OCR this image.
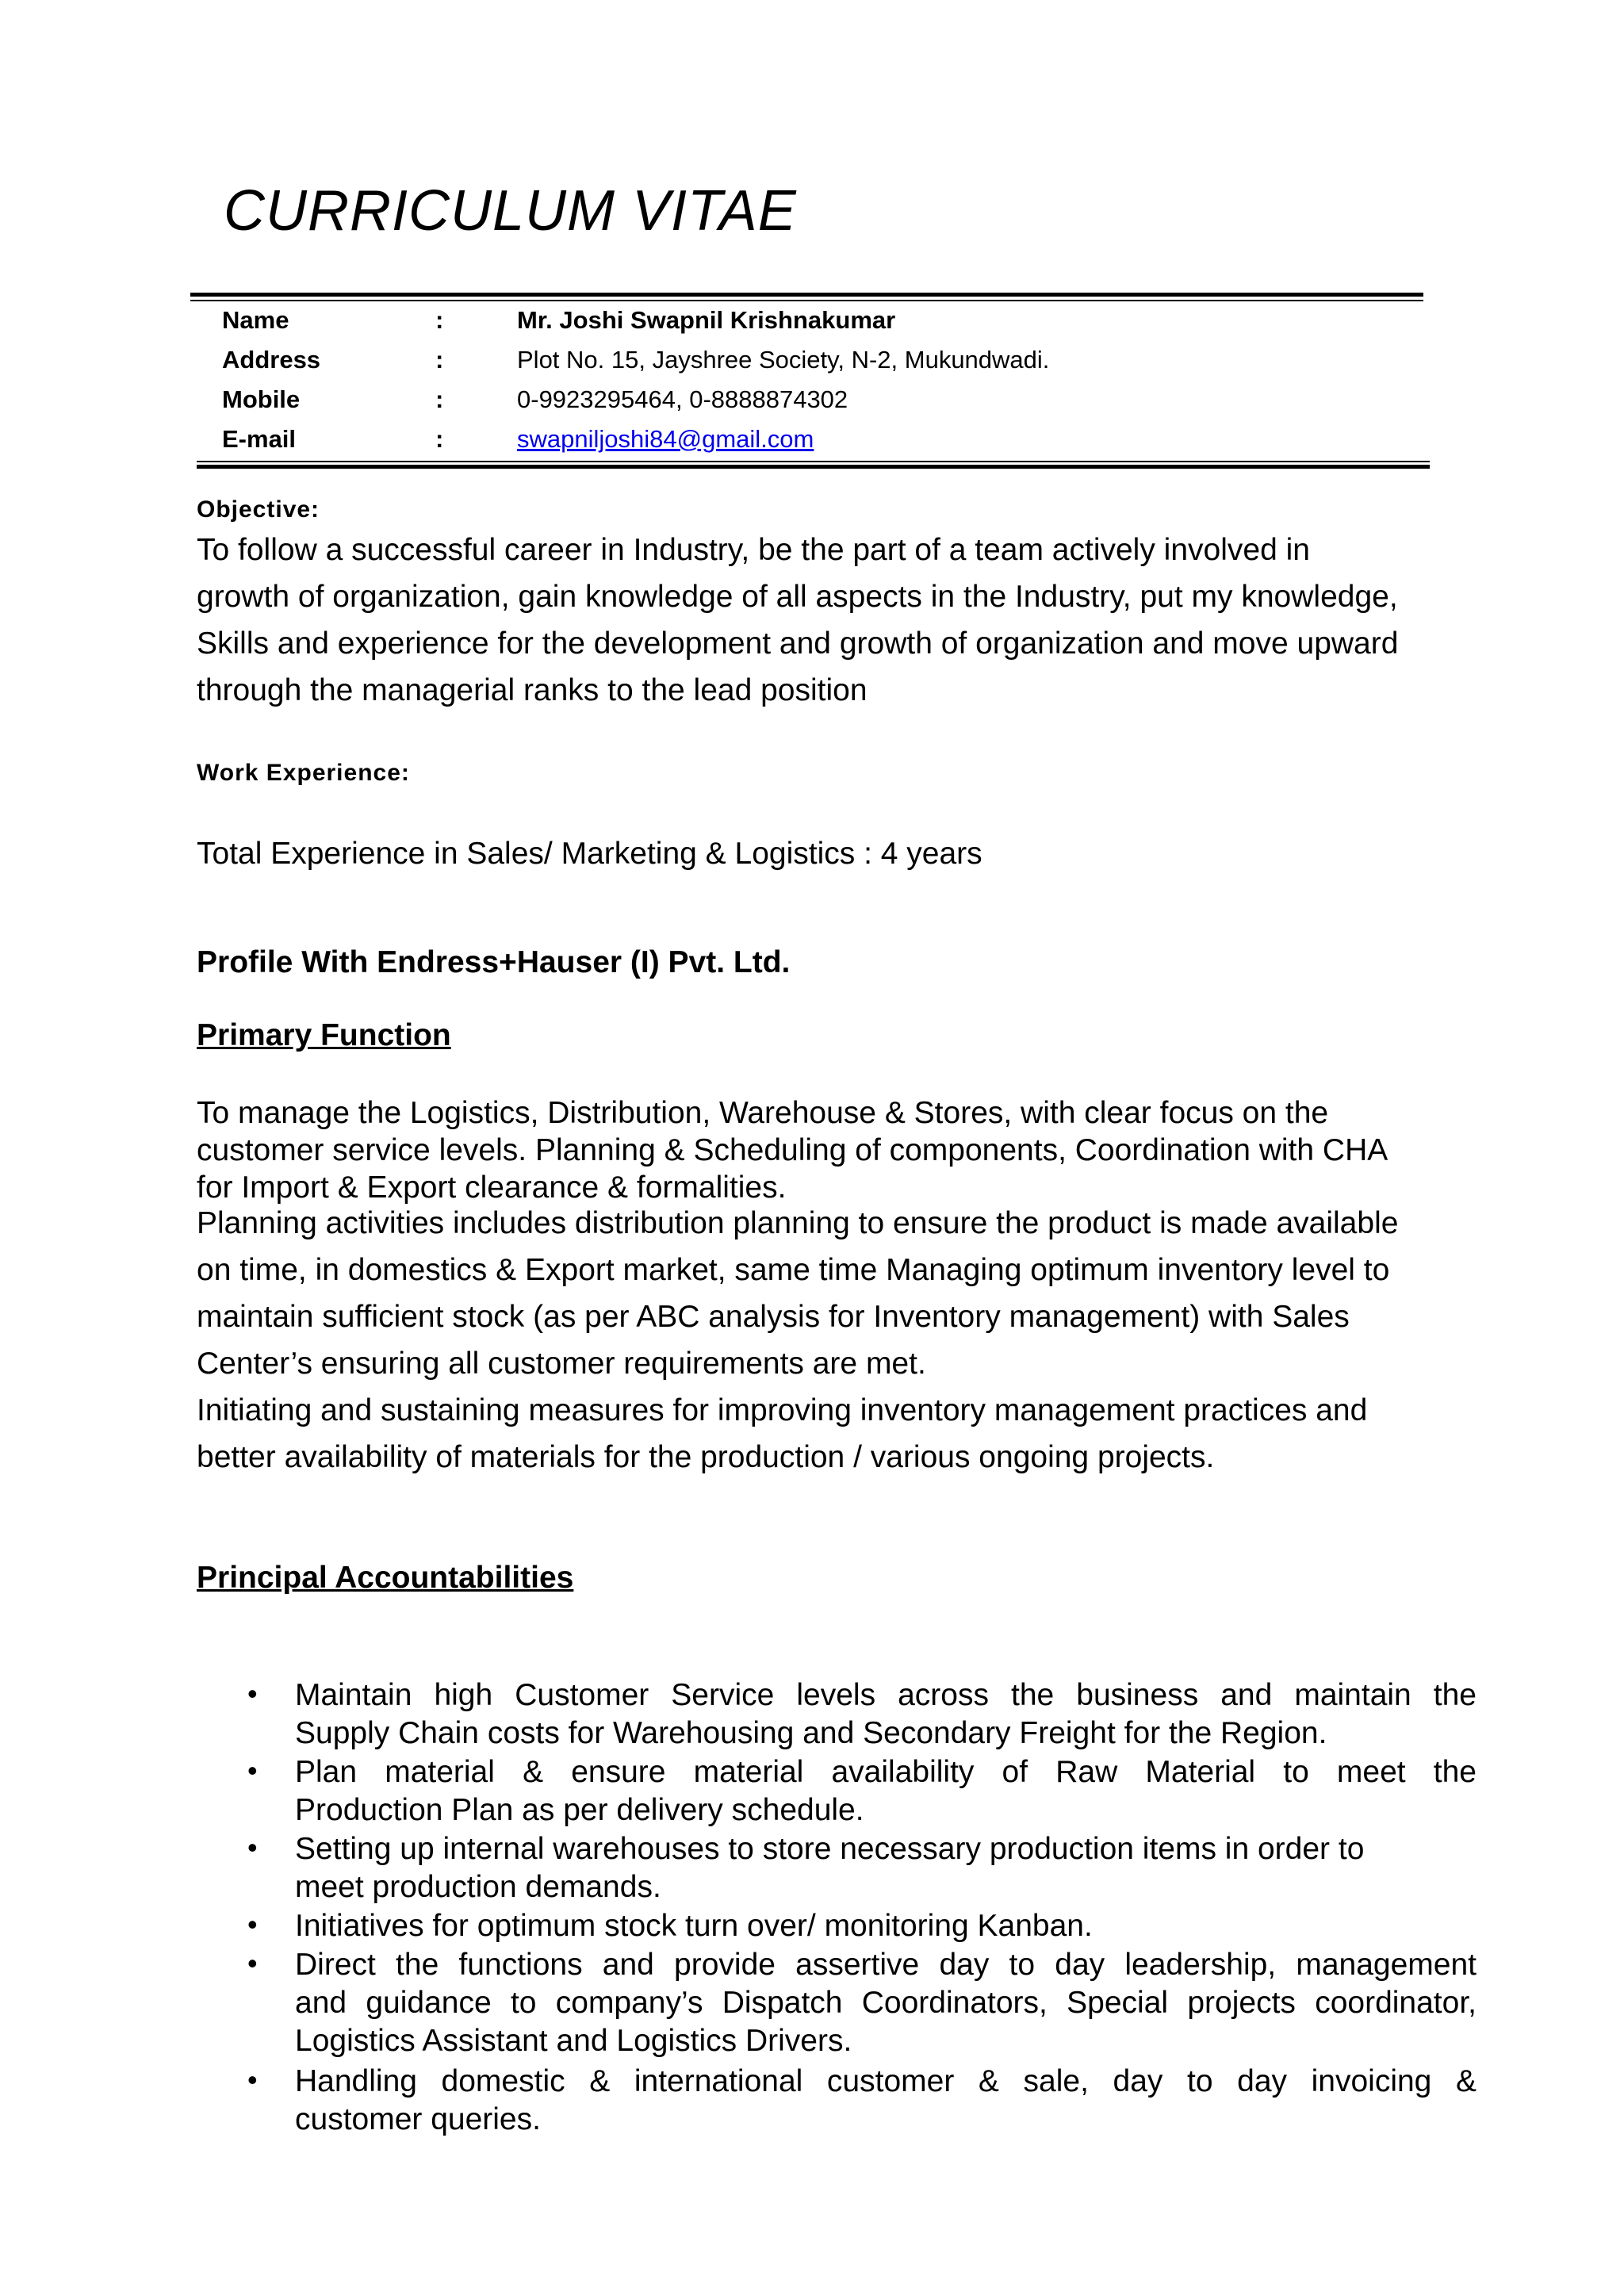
CURRICULUM VITAE
Name	:	Mr. Joshi Swapnil Krishnakumar
Address	:	Plot No. 15, Jayshree Society, N-2, Mukundwadi.
Mobile	:	0-9923295464, 0-8888874302
E-mail	:	swapniljoshi84@gmail.com
Objective:
To follow a successful career in Industry, be the part of a team actively involved in
growth of organization, gain knowledge of all aspects in the Industry, put my knowledge,
Skills and experience for the development and growth of organization and move upward
through the managerial ranks to the lead position
Work Experience:
Total Experience in Sales/ Marketing & Logistics : 4 years
Profile With Endress+Hauser (I) Pvt. Ltd.
Primary Function
To manage the Logistics, Distribution, Warehouse & Stores, with clear focus on the
customer service levels. Planning & Scheduling of components, Coordination with CHA
for Import & Export clearance & formalities.
Planning activities includes distribution planning to ensure the product is made available
on time, in domestics & Export market, same time Managing optimum inventory level to
maintain sufficient stock (as per ABC analysis for Inventory management) with Sales
Center’s ensuring all customer requirements are met.
Initiating and sustaining measures for improving inventory management practices and
better availability of materials for the production / various ongoing projects.
Principal Accountabilities
• Maintain high Customer Service levels across the business and maintain the
Supply Chain costs for Warehousing and Secondary Freight for the Region.
• Plan material & ensure material availability of Raw Material to meet the
Production Plan as per delivery schedule.
• Setting up internal warehouses to store necessary production items in order to
meet production demands.
• Initiatives for optimum stock turn over/ monitoring Kanban.
• Direct the functions and provide assertive day to day leadership, management
and guidance to company’s Dispatch Coordinators, Special projects coordinator,
Logistics Assistant and Logistics Drivers.
• Handling domestic & international customer & sale, day to day invoicing &
customer queries.
